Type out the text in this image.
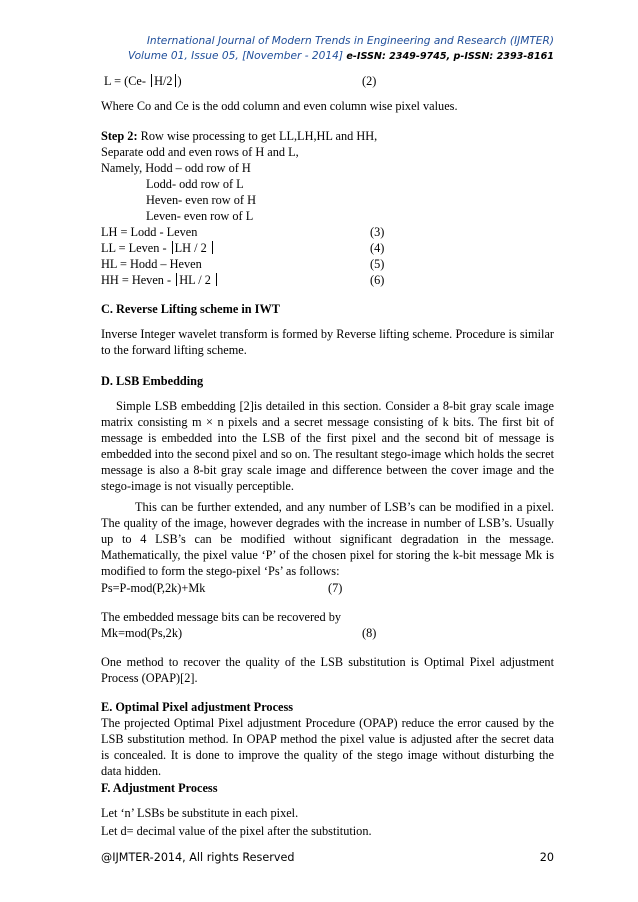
International Journal of Modern Trends in Engineering and Research (IJMTER)
Volume 01, Issue 05, [November - 2014] e-ISSN: 2349-9745, p-ISSN: 2393-8161
L = (Ce- H/2 )	(2)
Where Co and Ce is the odd column and even column wise pixel values.
Step 2: Row wise processing to get LL,LH,HL and HH,
Separate odd and even rows of H and L,
Namely, Hodd – odd row of H
Lodd- odd row of L
Heven- even row of H
Leven- even row of L
LH = Lodd - Leven	(3)
LL = Leven - LH / 2	(4)
HL = Hodd – Heven	(5)
HH = Heven - HL / 2	(6)
C. Reverse Lifting scheme in IWT
Inverse Integer wavelet transform is formed by Reverse lifting scheme. Procedure is similar to the forward lifting scheme.
D. LSB Embedding
Simple LSB embedding [2]is detailed in this section. Consider a 8-bit gray scale image matrix consisting m × n pixels and a secret message consisting of k bits. The first bit of message is embedded into the LSB of the first pixel and the second bit of message is embedded into the second pixel and so on. The resultant stego-image which holds the secret message is also a 8-bit gray scale image and difference between the cover image and the stego-image is not visually perceptible.
This can be further extended, and any number of LSB’s can be modified in a pixel. The quality of the image, however degrades with the increase in number of LSB’s. Usually up to 4 LSB’s can be modified without significant degradation in the message. Mathematically, the pixel value ‘P’ of the chosen pixel for storing the k-bit message Mk is modified to form the stego-pixel ‘Ps’ as follows:
Ps=P-mod(P,2k)+Mk	(7)
The embedded message bits can be recovered by
Mk=mod(Ps,2k)	(8)
One method to recover the quality of the LSB substitution is Optimal Pixel adjustment Process (OPAP)[2].
E. Optimal Pixel adjustment Process
The projected Optimal Pixel adjustment Procedure (OPAP) reduce the error caused by the LSB substitution method. In OPAP method the pixel value is adjusted after the secret data is concealed. It is done to improve the quality of the stego image without disturbing the data hidden.
F. Adjustment Process
Let ‘n’ LSBs be substitute in each pixel.
Let d= decimal value of the pixel after the substitution.
@IJMTER-2014, All rights Reserved	20
